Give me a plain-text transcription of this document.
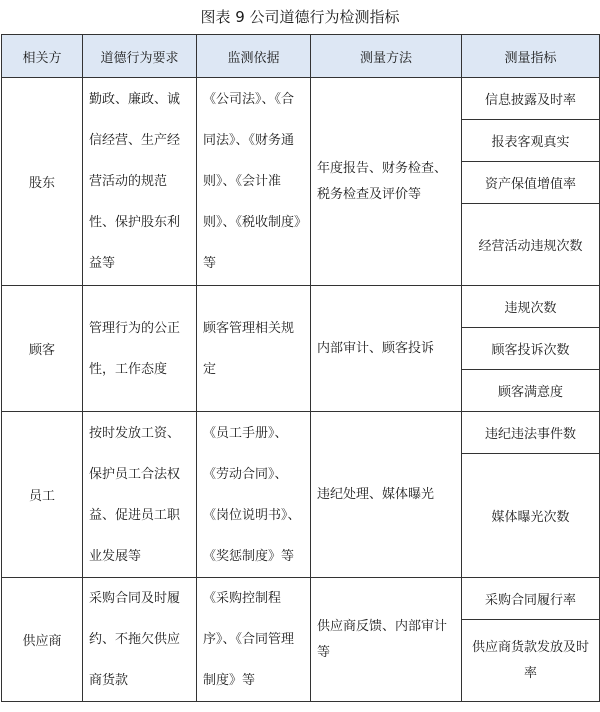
图表 9 公司道德行为检测指标
相关方	道德行为要求	监测依据	测量方法	测量指标
股东	勤政、廉政、诚信经营、生产经营活动的规范性、保护股东利益等	《公司法》、《合同法》、《财务通则》、《会计准则》、《税收制度》等	年度报告、财务检查、税务检查及评价等	信息披露及时率
				报表客观真实
				资产保值增值率
				经营活动违规次数
顾客	管理行为的公正性，工作态度	顾客管理相关规定	内部审计、顾客投诉	违规次数
				顾客投诉次数
				顾客满意度
员工	按时发放工资、保护员工合法权益、促进员工职业发展等	《员工手册》、《劳动合同》、《岗位说明书》、《奖惩制度》等	违纪处理、媒体曝光	违纪违法事件数
				媒体曝光次数
供应商	采购合同及时履约、不拖欠供应商货款	《采购控制程序》、《合同管理制度》等	供应商反馈、内部审计等	采购合同履行率
				供应商货款发放及时率
